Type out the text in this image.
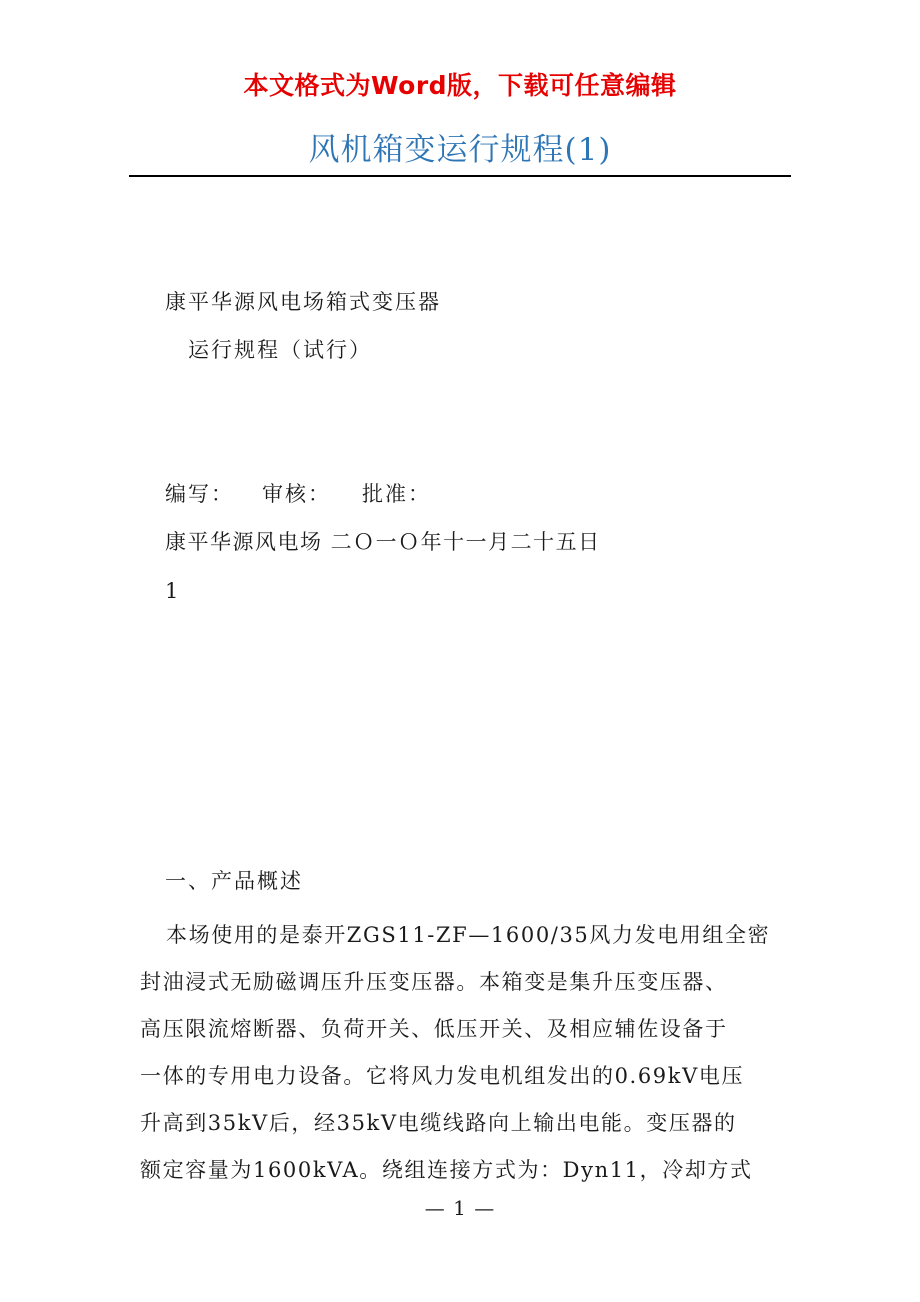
本文格式为Word版，下载可任意编辑
风机箱变运行规程(1)
康平华源风电场箱式变压器
运行规程（试行）
编写： 审核： 批准：
康平华源风电场 二Ｏ一Ｏ年十一月二十五日
1
一、产品概述
本场使用的是泰开ZGS11-ZF—1600/35风力发电用组全密
封油浸式无励磁调压升压变压器。本箱变是集升压变压器、
高压限流熔断器、负荷开关、低压开关、及相应辅佐设备于
一体的专用电力设备。它将风力发电机组发出的0.69kV电压
升高到35kV后，经35kV电缆线路向上输出电能。变压器的
额定容量为1600kVA。绕组连接方式为：Dyn11，冷却方式
— 1 —
